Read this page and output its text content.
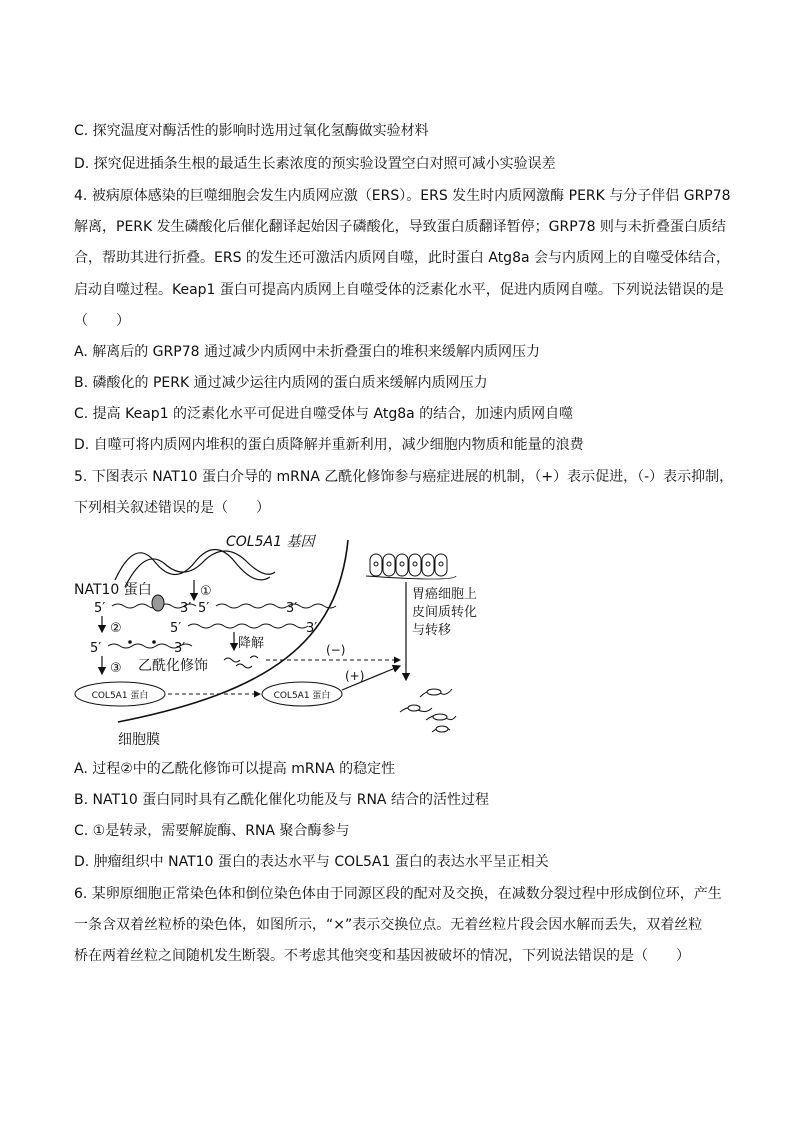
C. 探究温度对酶活性的影响时选用过氧化氢酶做实验材料
D. 探究促进插条生根的最适生长素浓度的预实验设置空白对照可减小实验误差
4. 被病原体感染的巨噬细胞会发生内质网应激（ERS）。ERS 发生时内质网激酶 PERK 与分子伴侣 GRP78
解离，PERK 发生磷酸化后催化翻译起始因子磷酸化，导致蛋白质翻译暂停；GRP78 则与未折叠蛋白质结
合，帮助其进行折叠。ERS 的发生还可激活内质网自噬，此时蛋白 Atg8a 会与内质网上的自噬受体结合，
启动自噬过程。Keap1 蛋白可提高内质网上自噬受体的泛素化水平，促进内质网自噬。下列说法错误的是
（　　）
A. 解离后的 GRP78 通过减少内质网中未折叠蛋白的堆积来缓解内质网压力
B. 磷酸化的 PERK 通过减少运往内质网的蛋白质来缓解内质网压力
C. 提高 Keap1 的泛素化水平可促进自噬受体与 Atg8a 的结合，加速内质网自噬
D. 自噬可将内质网内堆积的蛋白质降解并重新利用，减少细胞内物质和能量的浪费
5. 下图表示 NAT10 蛋白介导的 mRNA 乙酰化修饰参与癌症进展的机制，（+）表示促进，（-）表示抑制，
下列相关叙述错误的是（　　）
COL5A1 基因
NAT10 蛋白	①
5′	3′ 5′	3′
5′	3′
②
5′	3′	降解
③ 乙酰化修饰
(−)
COL5A1 蛋白	COL5A1 蛋白
(+)
细胞膜
胃癌细胞上
皮间质转化
与转移
A. 过程②中的乙酰化修饰可以提高 mRNA 的稳定性
B. NAT10 蛋白同时具有乙酰化催化功能及与 RNA 结合的活性过程
C. ①是转录，需要解旋酶、RNA 聚合酶参与
D. 肿瘤组织中 NAT10 蛋白的表达水平与 COL5A1 蛋白的表达水平呈正相关
6. 某卵原细胞正常染色体和倒位染色体由于同源区段的配对及交换，在减数分裂过程中形成倒位环，产生
一条含双着丝粒桥的染色体，如图所示，“×”表示交换位点。无着丝粒片段会因水解而丢失，双着丝粒
桥在两着丝粒之间随机发生断裂。不考虑其他突变和基因被破坏的情况，下列说法错误的是（　　）
